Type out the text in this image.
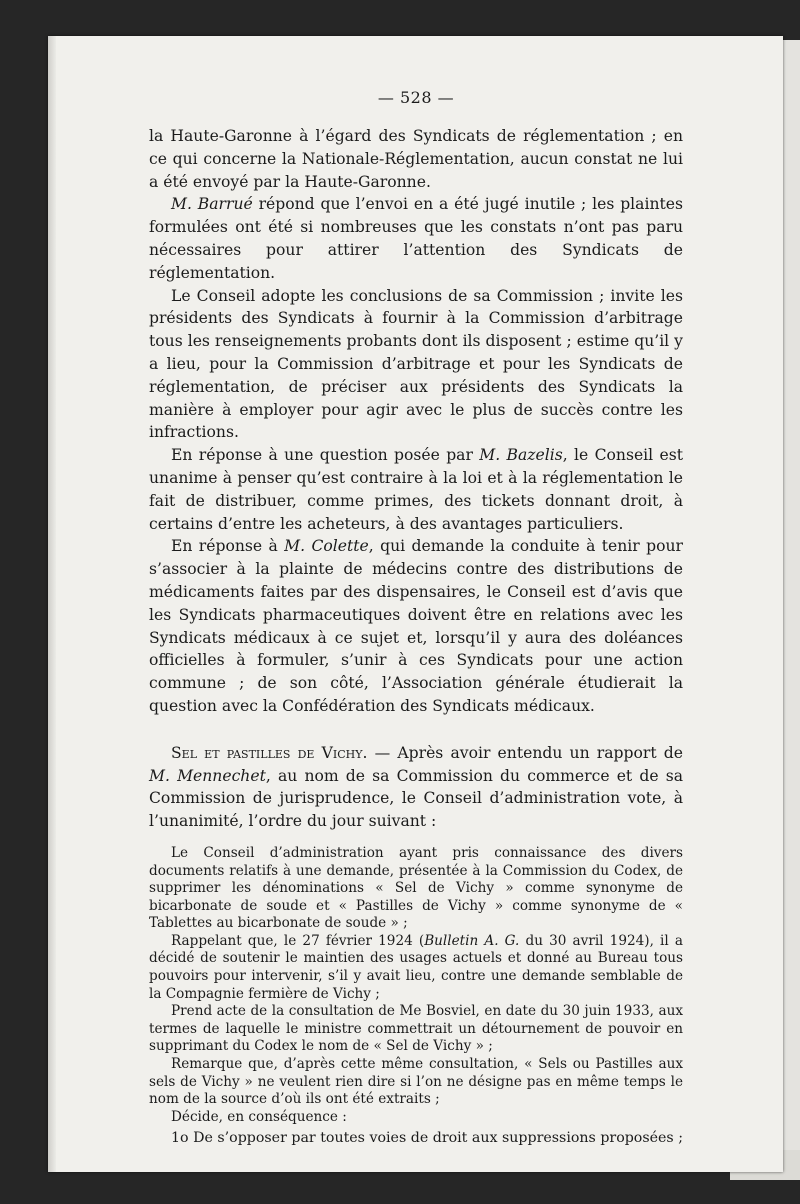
— 528 —

la Haute-Garonne à l’égard des Syndicats de réglementation ; en ce qui concerne la Nationale-Réglementation, aucun constat ne lui a été envoyé par la Haute-Garonne.

M. Barrué répond que l’envoi en a été jugé inutile ; les plaintes formulées ont été si nombreuses que les constats n’ont pas paru nécessaires pour attirer l’attention des Syndicats de réglementation.

Le Conseil adopte les conclusions de sa Commission ; invite les présidents des Syndicats à fournir à la Commission d’arbitrage tous les renseignements probants dont ils disposent ; estime qu’il y a lieu, pour la Commission d’arbitrage et pour les Syndicats de réglementation, de préciser aux présidents des Syndicats la manière à employer pour agir avec le plus de succès contre les infractions.

En réponse à une question posée par M. Bazelis, le Conseil est unanime à penser qu’est contraire à la loi et à la réglementation le fait de distribuer, comme primes, des tickets donnant droit, à certains d’entre les acheteurs, à des avantages particuliers.

En réponse à M. Colette, qui demande la conduite à tenir pour s’associer à la plainte de médecins contre des distributions de médicaments faites par des dispensaires, le Conseil est d’avis que les Syndicats pharmaceutiques doivent être en relations avec les Syndicats médicaux à ce sujet et, lorsqu’il y aura des doléances officielles à formuler, s’unir à ces Syndicats pour une action commune ; de son côté, l’Association générale étudierait la question avec la Confédération des Syndicats médicaux.

Sel et pastilles de Vichy. — Après avoir entendu un rapport de M. Mennechet, au nom de sa Commission du commerce et de sa Commission de jurisprudence, le Conseil d’administration vote, à l’unanimité, l’ordre du jour suivant :

Le Conseil d’administration ayant pris connaissance des divers documents relatifs à une demande, présentée à la Commission du Codex, de supprimer les dénominations « Sel de Vichy » comme synonyme de bicarbonate de soude et « Pastilles de Vichy » comme synonyme de « Tablettes au bicarbonate de soude » ;

Rappelant que, le 27 février 1924 (Bulletin A. G. du 30 avril 1924), il a décidé de soutenir le maintien des usages actuels et donné au Bureau tous pouvoirs pour intervenir, s’il y avait lieu, contre une demande semblable de la Compagnie fermière de Vichy ;

Prend acte de la consultation de Me Bosviel, en date du 30 juin 1933, aux termes de laquelle le ministre commettrait un détournement de pouvoir en supprimant du Codex le nom de « Sel de Vichy » ;

Remarque que, d’après cette même consultation, « Sels ou Pastilles aux sels de Vichy » ne veulent rien dire si l’on ne désigne pas en même temps le nom de la source d’où ils ont été extraits ;

Décide, en conséquence :

1o De s’opposer par toutes voies de droit aux suppressions proposées ;
